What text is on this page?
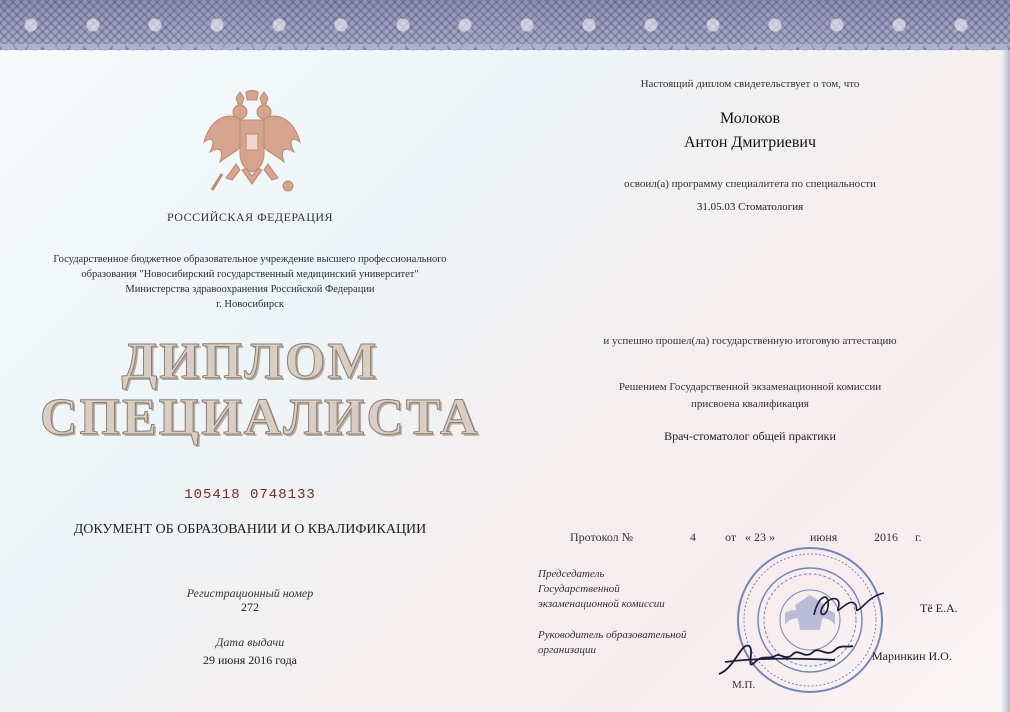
РОССИЙСКАЯ ФЕДЕРАЦИЯ
Государственное бюджетное образовательное учреждение высшего профессионального
образования "Новосибирский государственный медицинский университет"
Министерства здравоохранения Российской Федерации
г. Новосибирск
ДИПЛОМ
СПЕЦИАЛИСТА
105418 0748133
ДОКУМЕНТ ОБ ОБРАЗОВАНИИ И О КВАЛИФИКАЦИИ
Регистрационный номер
272
Дата выдачи
29 июня 2016 года
Настоящий диплом свидетельствует о том, что
Молоков
Антон Дмитриевич
освоил(а) программу специалитета по специальности
31.05.03 Стоматология
и успешно прошел(ла) государственную итоговую аттестацию
Решением Государственной экзаменационной комиссии
присвоена квалификация
Врач-стоматолог общей практики
Протокол №	4 от « 23 »	июня	2016 г.
Председатель
Государственной
экзаменационной комиссии	Тё Е.А.
Руководитель образовательной
организации	Маринкин И.О.
М.П.
